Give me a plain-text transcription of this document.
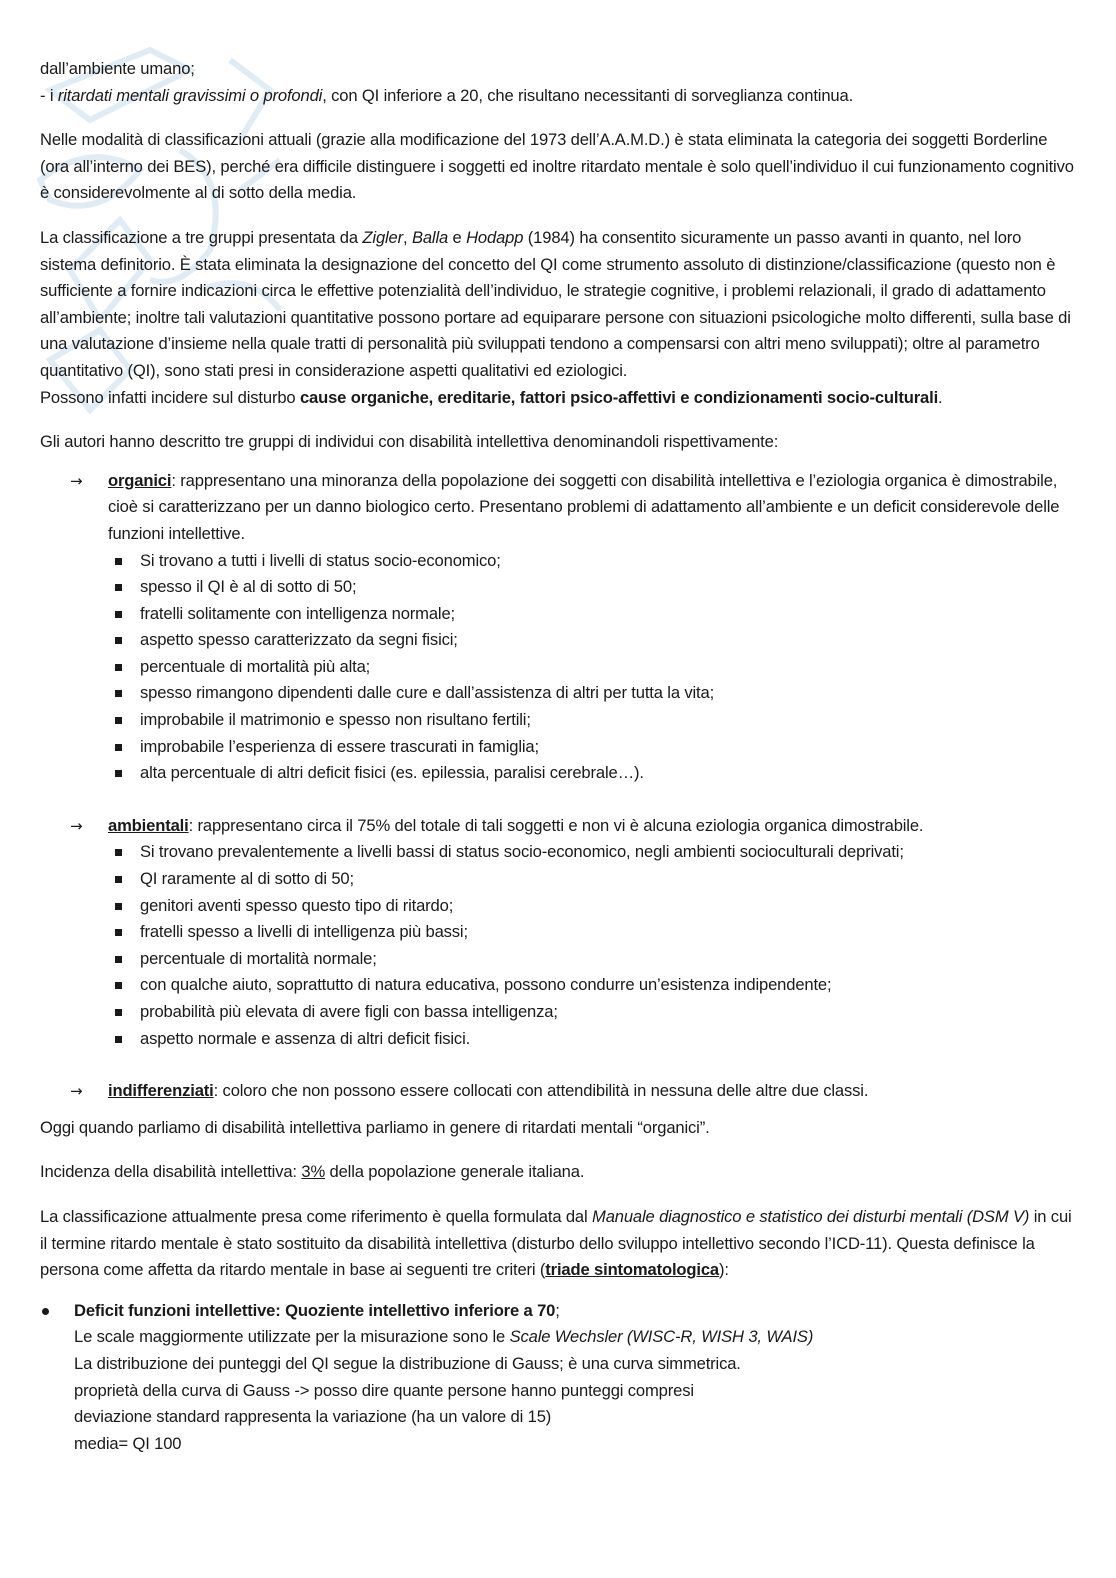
dall’ambiente umano;

- i ritardati mentali gravissimi o profondi, con QI inferiore a 20, che risultano necessitanti di sorveglianza continua.

Nelle modalità di classificazioni attuali (grazie alla modificazione del 1973 dell’A.A.M.D.) è stata eliminata la categoria dei soggetti Borderline (ora all’interno dei BES), perché era difficile distinguere i soggetti ed inoltre ritardato mentale è solo quell’individuo il cui funzionamento cognitivo è considerevolmente al di sotto della media.

La classificazione a tre gruppi presentata da Zigler, Balla e Hodapp (1984) ha consentito sicuramente un passo avanti in quanto, nel loro sistema definitorio. È stata eliminata la designazione del concetto del QI come strumento assoluto di distinzione/classificazione (questo non è sufficiente a fornire indicazioni circa le effettive potenzialità dell’individuo, le strategie cognitive, i problemi relazionali, il grado di adattamento all’ambiente; inoltre tali valutazioni quantitative possono portare ad equiparare persone con situazioni psicologiche molto differenti, sulla base di una valutazione d’insieme nella quale tratti di personalità più sviluppati tendono a compensarsi con altri meno sviluppati); oltre al parametro quantitativo (QI), sono stati presi in considerazione aspetti qualitativi ed eziologici.

Possono infatti incidere sul disturbo cause organiche, ereditarie, fattori psico-affettivi e condizionamenti socio-culturali.

Gli autori hanno descritto tre gruppi di individui con disabilità intellettiva denominandoli rispettivamente:

→ organici: rappresentano una minoranza della popolazione dei soggetti con disabilità intellettiva e l’eziologia organica è dimostrabile, cioè si caratterizzano per un danno biologico certo. Presentano problemi di adattamento all’ambiente e un deficit considerevole delle funzioni intellettive.

Si trovano a tutti i livelli di status socio-economico;
spesso il QI è al di sotto di 50;
fratelli solitamente con intelligenza normale;
aspetto spesso caratterizzato da segni fisici;
percentuale di mortalità più alta;
spesso rimangono dipendenti dalle cure e dall’assistenza di altri per tutta la vita;
improbabile il matrimonio e spesso non risultano fertili;
improbabile l’esperienza di essere trascurati in famiglia;
alta percentuale di altri deficit fisici (es. epilessia, paralisi cerebrale…).
→ ambientali: rappresentano circa il 75% del totale di tali soggetti e non vi è alcuna eziologia organica dimostrabile.

Si trovano prevalentemente a livelli bassi di status socio-economico, negli ambienti socioculturali deprivati;
QI raramente al di sotto di 50;
genitori aventi spesso questo tipo di ritardo;
fratelli spesso a livelli di intelligenza più bassi;
percentuale di mortalità normale;
con qualche aiuto, soprattutto di natura educativa, possono condurre un’esistenza indipendente;
probabilità più elevata di avere figli con bassa intelligenza;
aspetto normale e assenza di altri deficit fisici.
→ indifferenziati: coloro che non possono essere collocati con attendibilità in nessuna delle altre due classi.

Oggi quando parliamo di disabilità intellettiva parliamo in genere di ritardati mentali “organici”.

Incidenza della disabilità intellettiva: 3% della popolazione generale italiana.

La classificazione attualmente presa come riferimento è quella formulata dal Manuale diagnostico e statistico dei disturbi mentali (DSM V) in cui il termine ritardo mentale è stato sostituito da disabilità intellettiva (disturbo dello sviluppo intellettivo secondo l’ICD-11). Questa definisce la persona come affetta da ritardo mentale in base ai seguenti tre criteri (triade sintomatologica):

Deficit funzioni intellettive: Quoziente intellettivo inferiore a 70;

Le scale maggiormente utilizzate per la misurazione sono le Scale Wechsler (WISC-R, WISH 3, WAIS)

La distribuzione dei punteggi del QI segue la distribuzione di Gauss; è una curva simmetrica.

proprietà della curva di Gauss -> posso dire quante persone hanno punteggi compresi

deviazione standard rappresenta la variazione (ha un valore di 15)

media= QI 100
